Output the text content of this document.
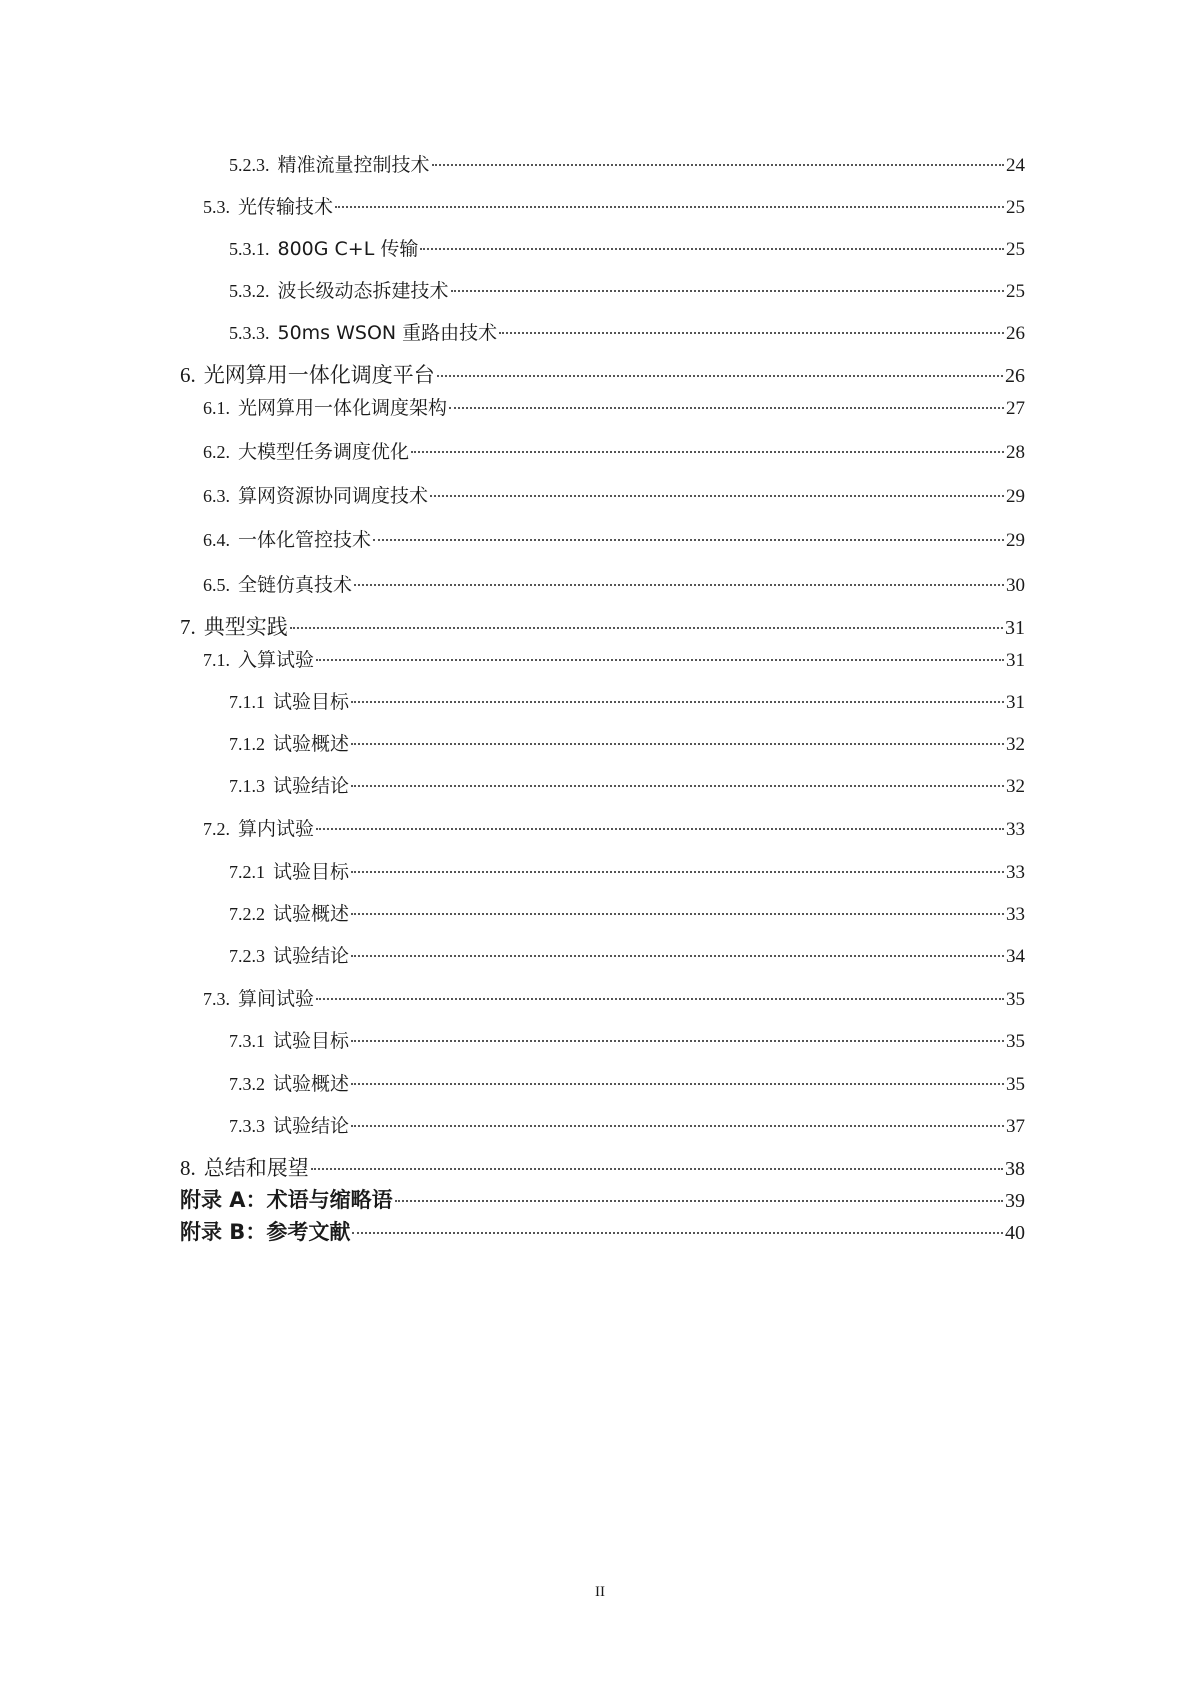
5.2.3. 精准流量控制技术	24
5.3. 光传输技术	25
5.3.1. 800G C+L 传输	25
5.3.2. 波长级动态拆建技术	25
5.3.3. 50ms WSON 重路由技术	26
6. 光网算用一体化调度平台	26
6.1. 光网算用一体化调度架构	27
6.2. 大模型任务调度优化	28
6.3. 算网资源协同调度技术	29
6.4. 一体化管控技术	29
6.5. 全链仿真技术	30
7. 典型实践	31
7.1. 入算试验	31
7.1.1 试验目标	31
7.1.2 试验概述	32
7.1.3 试验结论	32
7.2. 算内试验	33
7.2.1 试验目标	33
7.2.2 试验概述	33
7.2.3 试验结论	34
7.3. 算间试验	35
7.3.1 试验目标	35
7.3.2 试验概述	35
7.3.3 试验结论	37
8. 总结和展望	38
附录 A：术语与缩略语	39
附录 B：参考文献	40
II
